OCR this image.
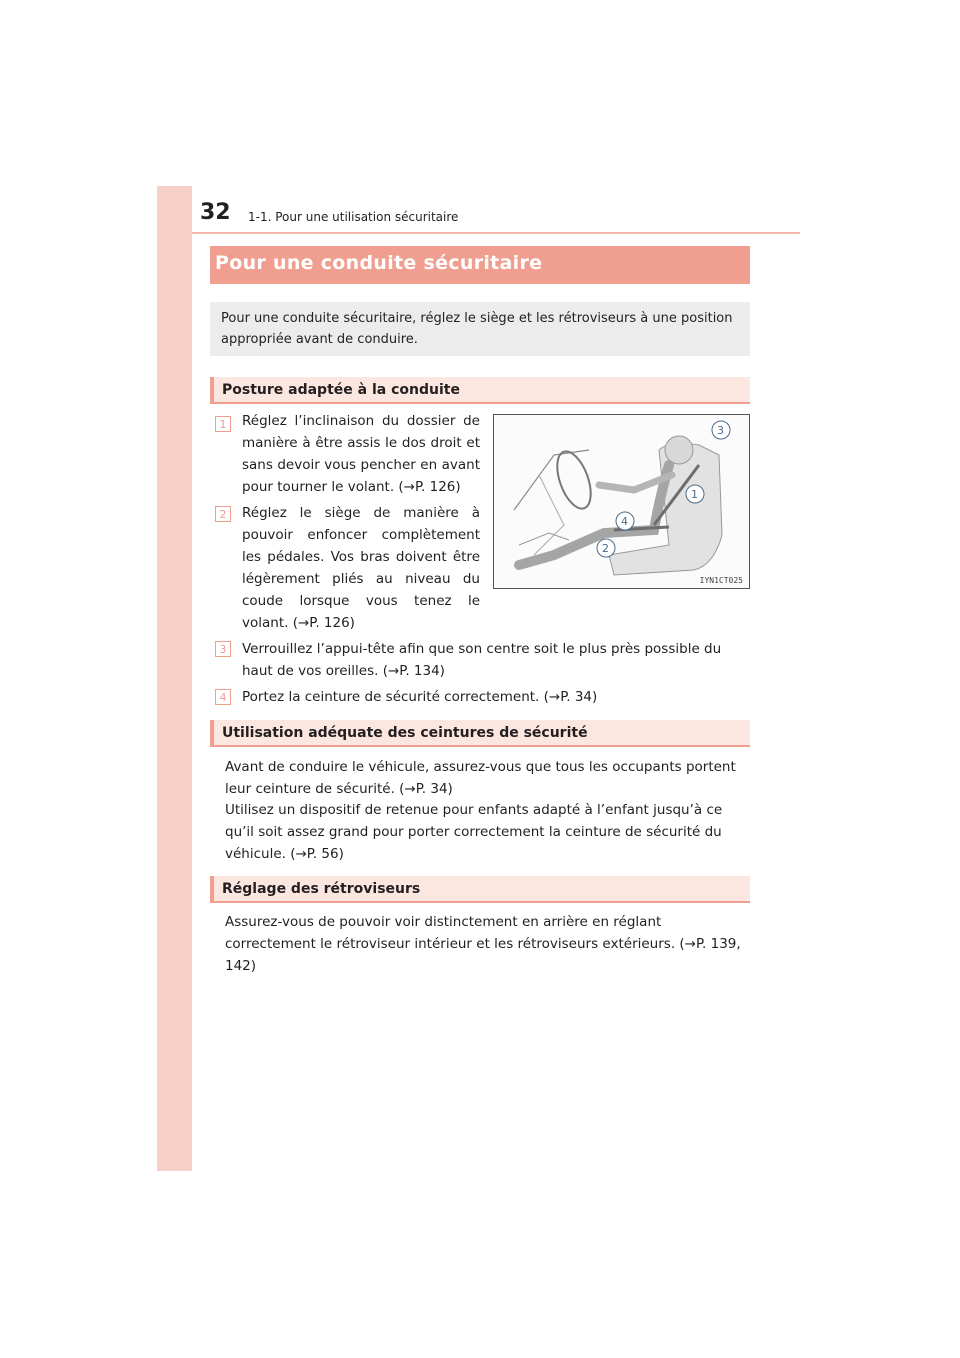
32 1-1. Pour une utilisation sécuritaire
Pour une conduite sécuritaire

Pour une conduite sécuritaire, réglez le siège et les rétroviseurs à une position appropriée avant de conduire.

Posture adaptée à la conduite
1	Réglez l’inclinaison du dossier de manière à être assis le dos droit et sans devoir vous pencher en avant pour tourner le volant. (→P. 126)
2	Réglez le siège de manière à pouvoir enfoncer complètement les pédales. Vos bras doivent être légèrement pliés au niveau du coude lorsque vous tenez le volant. (→P. 126)
3
1
4
2
IYN1CT025
3	Verrouillez l’appui-tête afin que son centre soit le plus près possible du haut de vos oreilles. (→P. 134)
4	Portez la ceinture de sécurité correctement. (→P. 34)
Utilisation adéquate des ceintures de sécurité
Avant de conduire le véhicule, assurez-vous que tous les occupants portent leur ceinture de sécurité. (→P. 34)
Utilisez un dispositif de retenue pour enfants adapté à l’enfant jusqu’à ce qu’il soit assez grand pour porter correctement la ceinture de sécurité du véhicule. (→P. 56)
Réglage des rétroviseurs
Assurez-vous de pouvoir voir distinctement en arrière en réglant correctement le rétroviseur intérieur et les rétroviseurs extérieurs. (→P. 139, 142)
